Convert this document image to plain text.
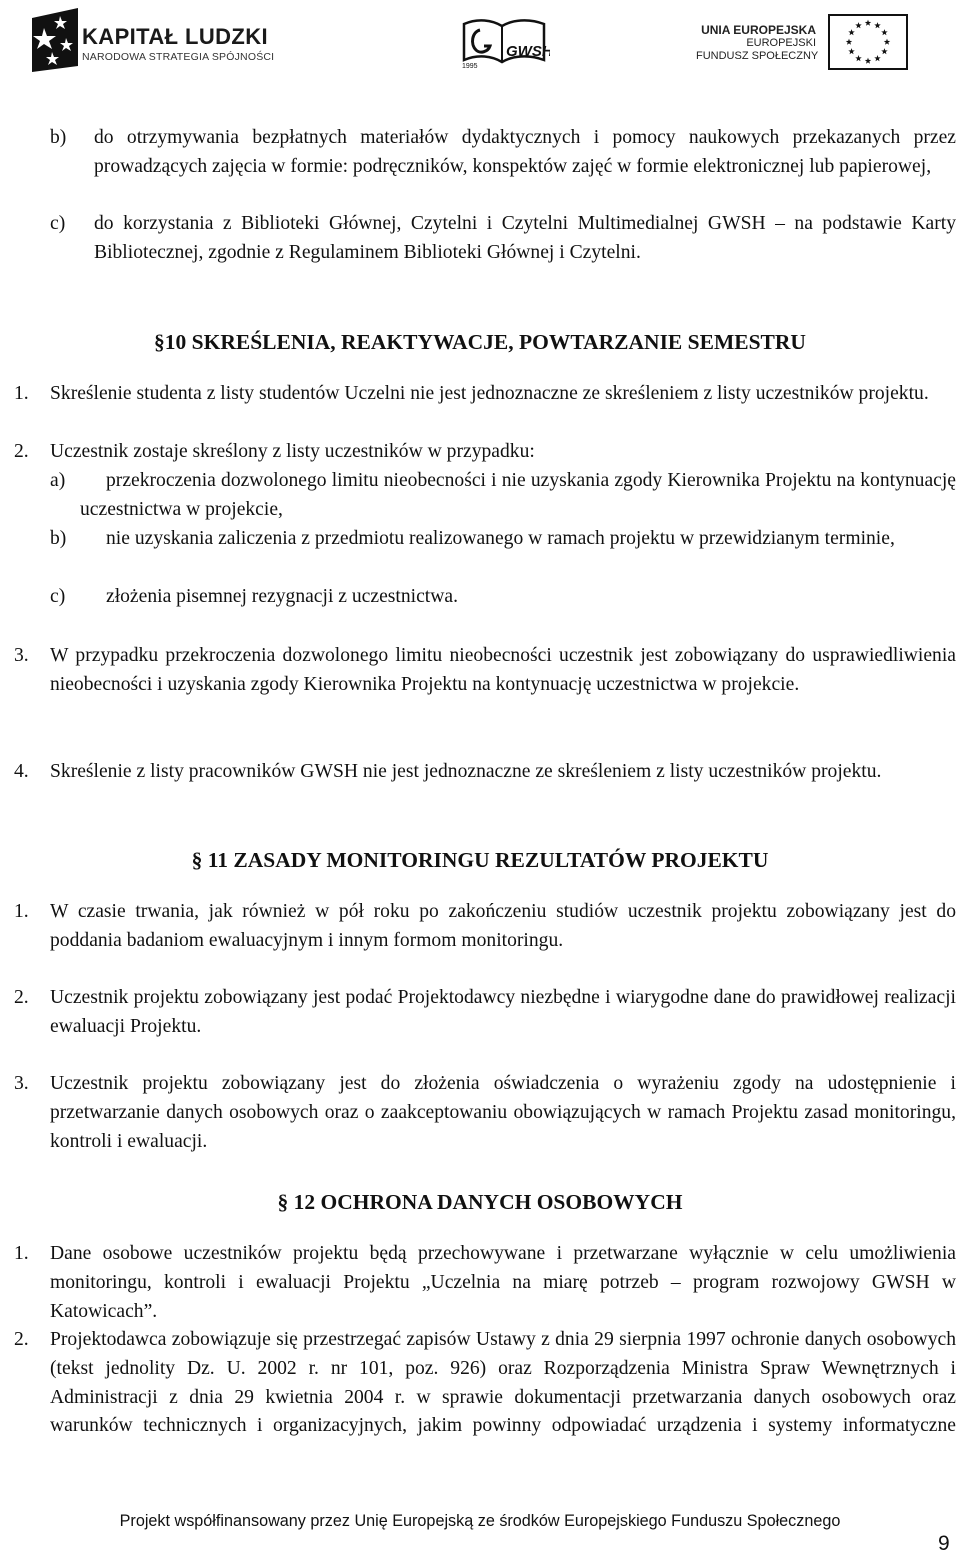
KAPITAŁ LUDZKI
NARODOWA STRATEGIA SPÓJNOŚCI
1995
GWSH
UNIA EUROPEJSKA
EUROPEJSKI
FUNDUSZ SPOŁECZNY
b) do otrzymywania bezpłatnych materiałów dydaktycznych i pomocy naukowych przekazanych przez prowadzących zajęcia w formie: podręczników, konspektów zajęć w formie elektronicznej lub papierowej,
c) do korzystania z Biblioteki Głównej, Czytelni i Czytelni Multimedialnej GWSH – na podstawie Karty Bibliotecznej, zgodnie z Regulaminem Biblioteki Głównej i Czytelni.
§10 SKREŚLENIA, REAKTYWACJE, POWTARZANIE SEMESTRU
1. Skreślenie studenta z listy studentów Uczelni nie jest jednoznaczne ze skreśleniem z listy uczestników projektu.
2. Uczestnik zostaje skreślony z listy uczestników w przypadku:
a)	przekroczenia dozwolonego limitu nieobecności i nie uzyskania zgody Kierownika Projektu na kontynuację uczestnictwa w projekcie,
b)	nie uzyskania zaliczenia z przedmiotu realizowanego w ramach projektu w przewidzianym terminie,
c) złożenia pisemnej rezygnacji z uczestnictwa.
3. W przypadku przekroczenia dozwolonego limitu nieobecności uczestnik jest zobowiązany do usprawiedliwienia nieobecności i uzyskania zgody Kierownika Projektu na kontynuację uczestnictwa w projekcie.
4. Skreślenie z listy pracowników GWSH nie jest jednoznaczne ze skreśleniem z listy uczestników projektu.
§ 11 ZASADY MONITORINGU REZULTATÓW PROJEKTU
1. W czasie trwania, jak również w pół roku po zakończeniu studiów uczestnik projektu zobowiązany jest do poddania badaniom ewaluacyjnym i innym formom monitoringu.
2. Uczestnik projektu zobowiązany jest podać Projektodawcy niezbędne i wiarygodne dane do prawidłowej realizacji ewaluacji Projektu.
3. Uczestnik projektu zobowiązany jest do złożenia oświadczenia o wyrażeniu zgody na udostępnienie i przetwarzanie danych osobowych oraz o zaakceptowaniu obowiązujących w ramach Projektu zasad monitoringu, kontroli i ewaluacji.
§ 12 OCHRONA DANYCH OSOBOWYCH
1. Dane osobowe uczestników projektu będą przechowywane i przetwarzane wyłącznie w celu umożliwienia monitoringu, kontroli i ewaluacji Projektu „Uczelnia na miarę potrzeb – program rozwojowy GWSH w Katowicach”.
2. Projektodawca zobowiązuje się przestrzegać zapisów Ustawy z dnia 29 sierpnia 1997 ochronie danych osobowych (tekst jednolity Dz. U. 2002 r. nr 101, poz. 926) oraz Rozporządzenia Ministra Spraw Wewnętrznych i Administracji z dnia 29 kwietnia 2004 r. w sprawie dokumentacji przetwarzania danych osobowych oraz warunków technicznych i organizacyjnych, jakim powinny odpowiadać urządzenia i systemy informatyczne
Projekt współfinansowany przez Unię Europejską ze środków Europejskiego Funduszu Społecznego
9
